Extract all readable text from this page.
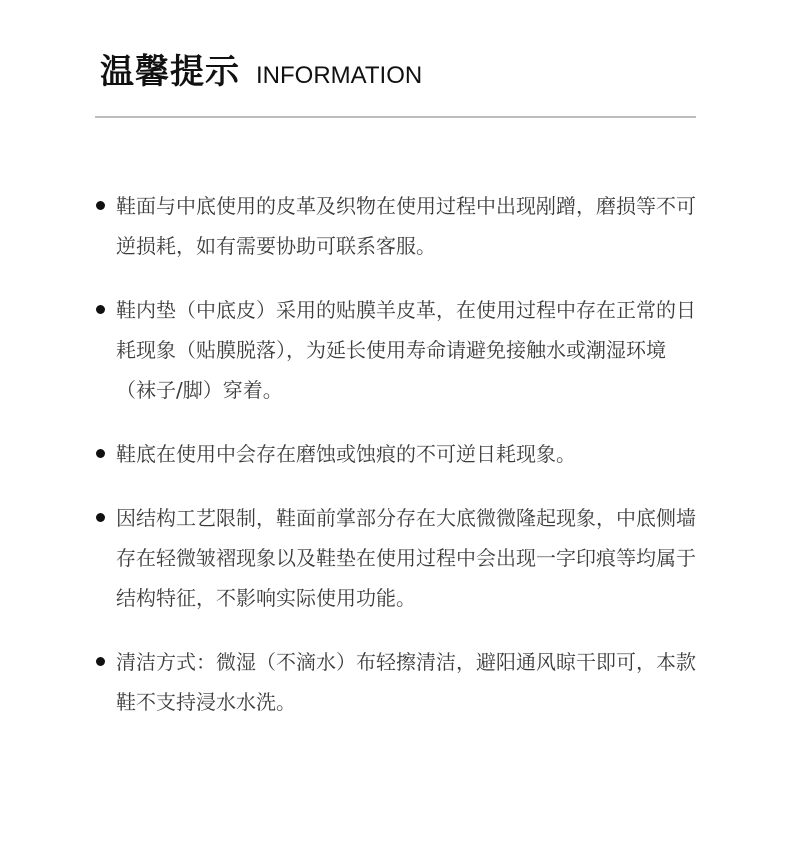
温馨提示 INFORMATION
鞋面与中底使用的皮革及织物在使用过程中出现剐蹭，磨损等不可逆损耗，如有需要协助可联系客服。
鞋内垫（中底皮）采用的贴膜羊皮革，在使用过程中存在正常的日耗现象（贴膜脱落），为延长使用寿命请避免接触水或潮湿环境（袜子/脚）穿着。
鞋底在使用中会存在磨蚀或蚀痕的不可逆日耗现象。
因结构工艺限制，鞋面前掌部分存在大底微微隆起现象，中底侧墙存在轻微皱褶现象以及鞋垫在使用过程中会出现一字印痕等均属于结构特征，不影响实际使用功能。
清洁方式：微湿（不滴水）布轻擦清洁，避阳通风晾干即可，本款鞋不支持浸水水洗。
